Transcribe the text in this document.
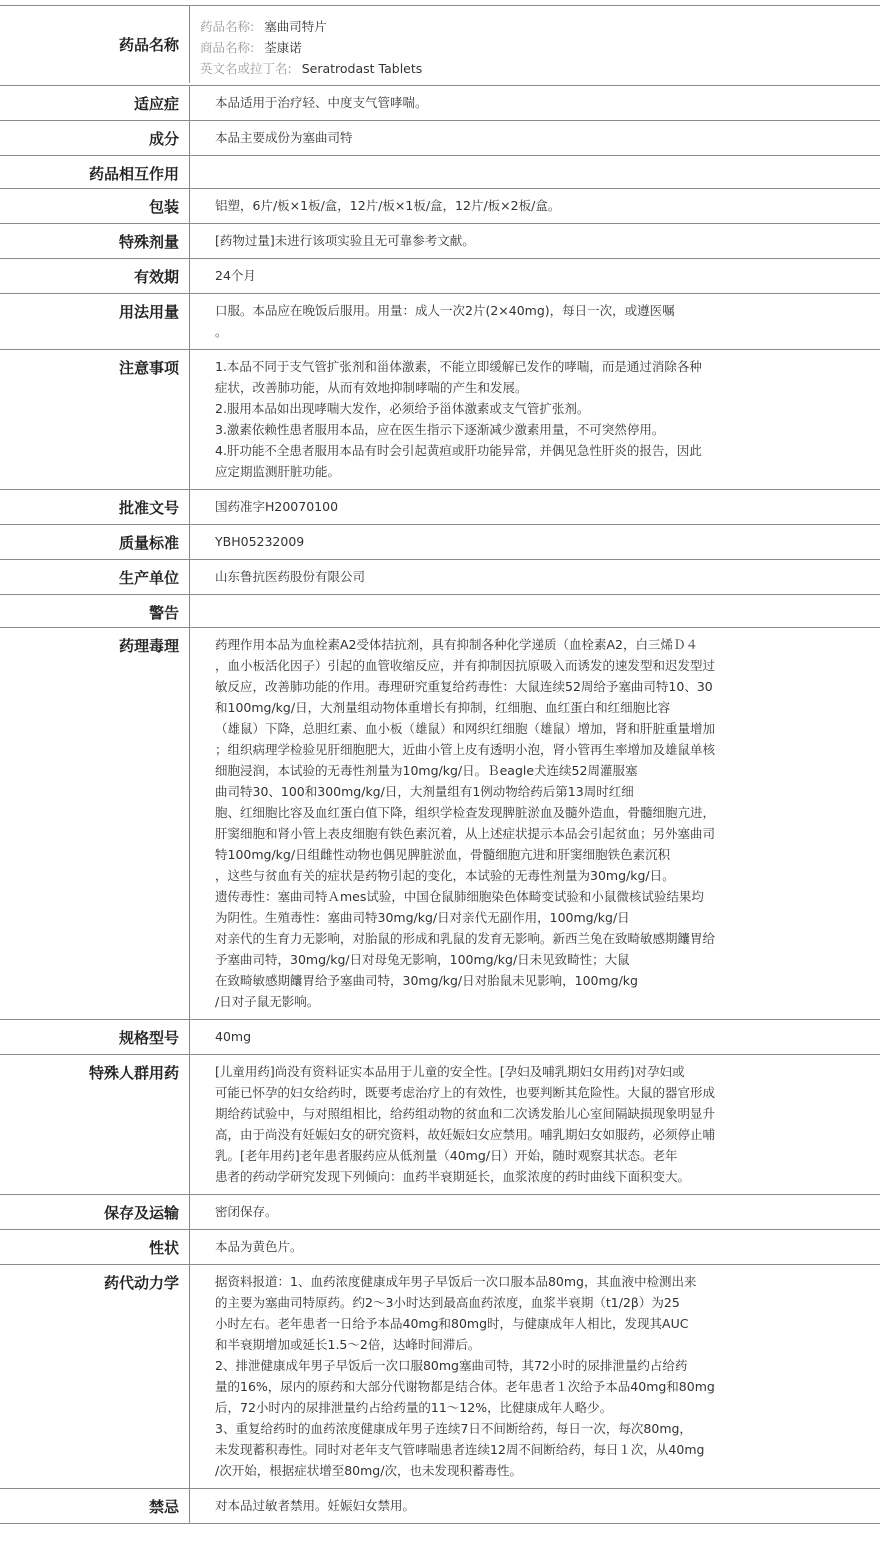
药品名称
药品名称: 塞曲司特片
商品名称: 荃康诺
英文名或拉丁名: Seratrodast Tablets
适应症	本品适用于治疗轻、中度支气管哮喘。

成分	本品主要成份为塞曲司特

药品相互作用
包装	铝塑，6片/板×1板/盒，12片/板×1板/盒，12片/板×2板/盒。

特殊剂量	[药物过量]未进行该项实验且无可靠参考文献。

有效期	24个月

用法用量	口服。本品应在晚饭后服用。用量：成人一次2片(2×40mg)，每日一次，或遵医嘱

。

注意事项	1.本品不同于支气管扩张剂和甾体激素，不能立即缓解已发作的哮喘，而是通过消除各种

症状，改善肺功能，从而有效地抑制哮喘的产生和发展。

2.服用本品如出现哮喘大发作，必须给予甾体激素或支气管扩张剂。

3.激素依赖性患者服用本品，应在医生指示下逐渐减少激素用量，不可突然停用。

4.肝功能不全患者服用本品有时会引起黄疸或肝功能异常，并偶见急性肝炎的报告，因此

应定期监测肝脏功能。

批准文号	国药准字H20070100

质量标准	YBH05232009

生产单位	山东鲁抗医药股份有限公司

警告
药理毒理	药理作用本品为血栓素A2受体拮抗剂，具有抑制各种化学递质（血栓素A2，白三烯Ｄ４

，血小板活化因子）引起的血管收缩反应，并有抑制因抗原吸入而诱发的速发型和迟发型过

敏反应，改善肺功能的作用。毒理研究重复给药毒性：大鼠连续52周给予塞曲司特10、30

和100mg/kg/日，大剂量组动物体重增长有抑制，红细胞、血红蛋白和红细胞比容

（雄鼠）下降，总胆红素、血小板（雄鼠）和网织红细胞（雄鼠）增加，肾和肝脏重量增加

；组织病理学检验见肝细胞肥大，近曲小管上皮有透明小泡，肾小管再生率增加及雄鼠单核

细胞浸润，本试验的无毒性剂量为10mg/kg/日。Ｂeagle犬连续52周灌服塞

曲司特30、100和300mg/kg/日，大剂量组有1例动物给药后第13周时红细

胞、红细胞比容及血红蛋白值下降，组织学检查发现脾脏淤血及髓外造血，骨髓细胞亢进，

肝窦细胞和肾小管上表皮细胞有铁色素沉着，从上述症状提示本品会引起贫血；另外塞曲司

特100mg/kg/日组雌性动物也偶见脾脏淤血，骨髓细胞亢进和肝窦细胞铁色素沉积

，这些与贫血有关的症状是药物引起的变化，本试验的无毒性剂量为30mg/kg/日。

遗传毒性：塞曲司特Ａmes试验，中国仓鼠肺细胞染色体畸变试验和小鼠微核试验结果均

为阴性。生殖毒性：塞曲司特30mg/kg/日对亲代无副作用，100mg/kg/日

对亲代的生育力无影响，对胎鼠的形成和乳鼠的发育无影响。新西兰兔在致畸敏感期饢胃给

予塞曲司特，30mg/kg/日对母兔无影响，100mg/kg/日未见致畸性；大鼠

在致畸敏感期饢胃给予塞曲司特，30mg/kg/日对胎鼠未见影响，100mg/kg

/日对子鼠无影响。

规格型号	40mg

特殊人群用药	[儿童用药]尚没有资料证实本品用于儿童的安全性。[孕妇及哺乳期妇女用药]对孕妇或

可能已怀孕的妇女给药时，既要考虑治疗上的有效性，也要判断其危险性。大鼠的器官形成

期给药试验中，与对照组相比，给药组动物的贫血和二次诱发胎儿心室间隔缺损现象明显升

高，由于尚没有妊娠妇女的研究资料，故妊娠妇女应禁用。哺乳期妇女如服药，必须停止哺

乳。[老年用药]老年患者服药应从低剂量（40mg/日）开始，随时观察其状态。老年

患者的药动学研究发现下列倾向：血药半衰期延长，血浆浓度的药时曲线下面积变大。

保存及运输	密闭保存。

性状	本品为黄色片。

药代动力学	据资料报道：1、血药浓度健康成年男子早饭后一次口服本品80mg，其血液中检测出来

的主要为塞曲司特原药。约2～3小时达到最高血药浓度，血浆半衰期（t1/2β）为25

小时左右。老年患者一日给予本品40mg和80mg时，与健康成年人相比，发现其AUC

和半衰期增加或延长1.5～2倍，达峰时间滞后。

2、排泄健康成年男子早饭后一次口服80mg塞曲司特，其72小时的尿排泄量约占给药

量的16%，尿内的原药和大部分代谢物都是结合体。老年患者１次给予本品40mg和80mg

后，72小时内的尿排泄量约占给药量的11～12%，比健康成年人略少。

3、重复给药时的血药浓度健康成年男子连续7日不间断给药，每日一次，每次80mg，

未发现蓄积毒性。同时对老年支气管哮喘患者连续12周不间断给药，每日１次，从40mg

/次开始，根据症状增至80mg/次，也未发现积蓄毒性。

禁忌	对本品过敏者禁用。妊娠妇女禁用。
